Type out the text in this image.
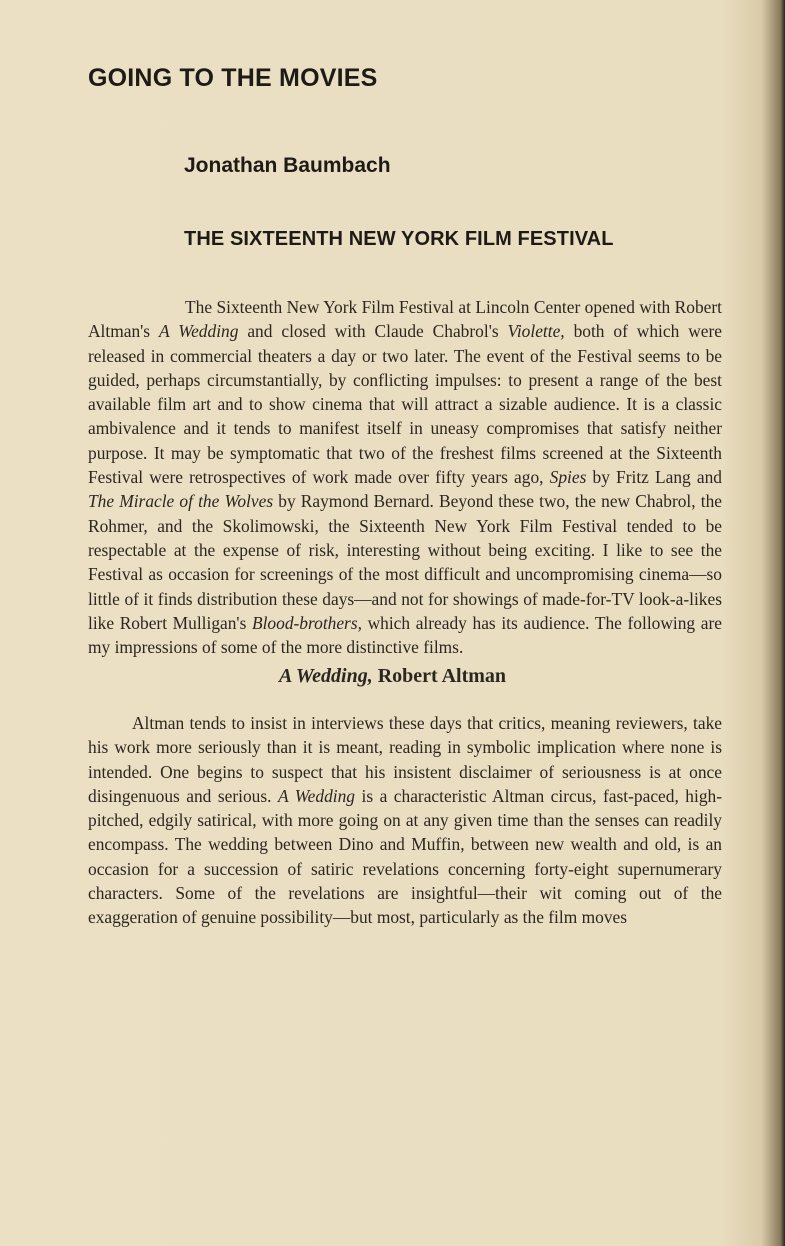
GOING TO THE MOVIES
Jonathan Baumbach
THE SIXTEENTH NEW YORK FILM FESTIVAL

The Sixteenth New York Film Festival at Lincoln Center opened with Robert Altman's A Wedding and closed with Claude Chabrol's Violette, both of which were released in commercial theaters a day or two later. The event of the Festival seems to be guided, perhaps circumstantially, by conflicting impulses: to present a range of the best available film art and to show cinema that will attract a sizable audience. It is a classic ambivalence and it tends to manifest itself in uneasy compromises that satisfy neither purpose. It may be symptomatic that two of the freshest films screened at the Sixteenth Festival were retrospectives of work made over fifty years ago, Spies by Fritz Lang and The Miracle of the Wolves by Raymond Bernard. Beyond these two, the new Chabrol, the Rohmer, and the Skolimowski, the Sixteenth New York Film Festival tended to be respectable at the expense of risk, interesting without being exciting. I like to see the Festival as occasion for screenings of the most difficult and uncompromising cinema—so little of it finds distribution these days—and not for showings of made-for-TV look-a-likes like Robert Mulligan's Blood-brothers, which already has its audience. The following are my impressions of some of the more distinctive films.

A Wedding, Robert Altman

Altman tends to insist in interviews these days that critics, meaning reviewers, take his work more seriously than it is meant, reading in symbolic implication where none is intended. One begins to suspect that his insistent disclaimer of seriousness is at once disingenuous and serious. A Wedding is a characteristic Altman circus, fast-paced, high-pitched, edgily satirical, with more going on at any given time than the senses can readily encompass. The wedding between Dino and Muffin, between new wealth and old, is an occasion for a succession of satiric revelations concerning forty-eight supernumerary characters. Some of the revelations are insightful—their wit coming out of the exaggeration of genuine possibility—but most, particularly as the film moves
